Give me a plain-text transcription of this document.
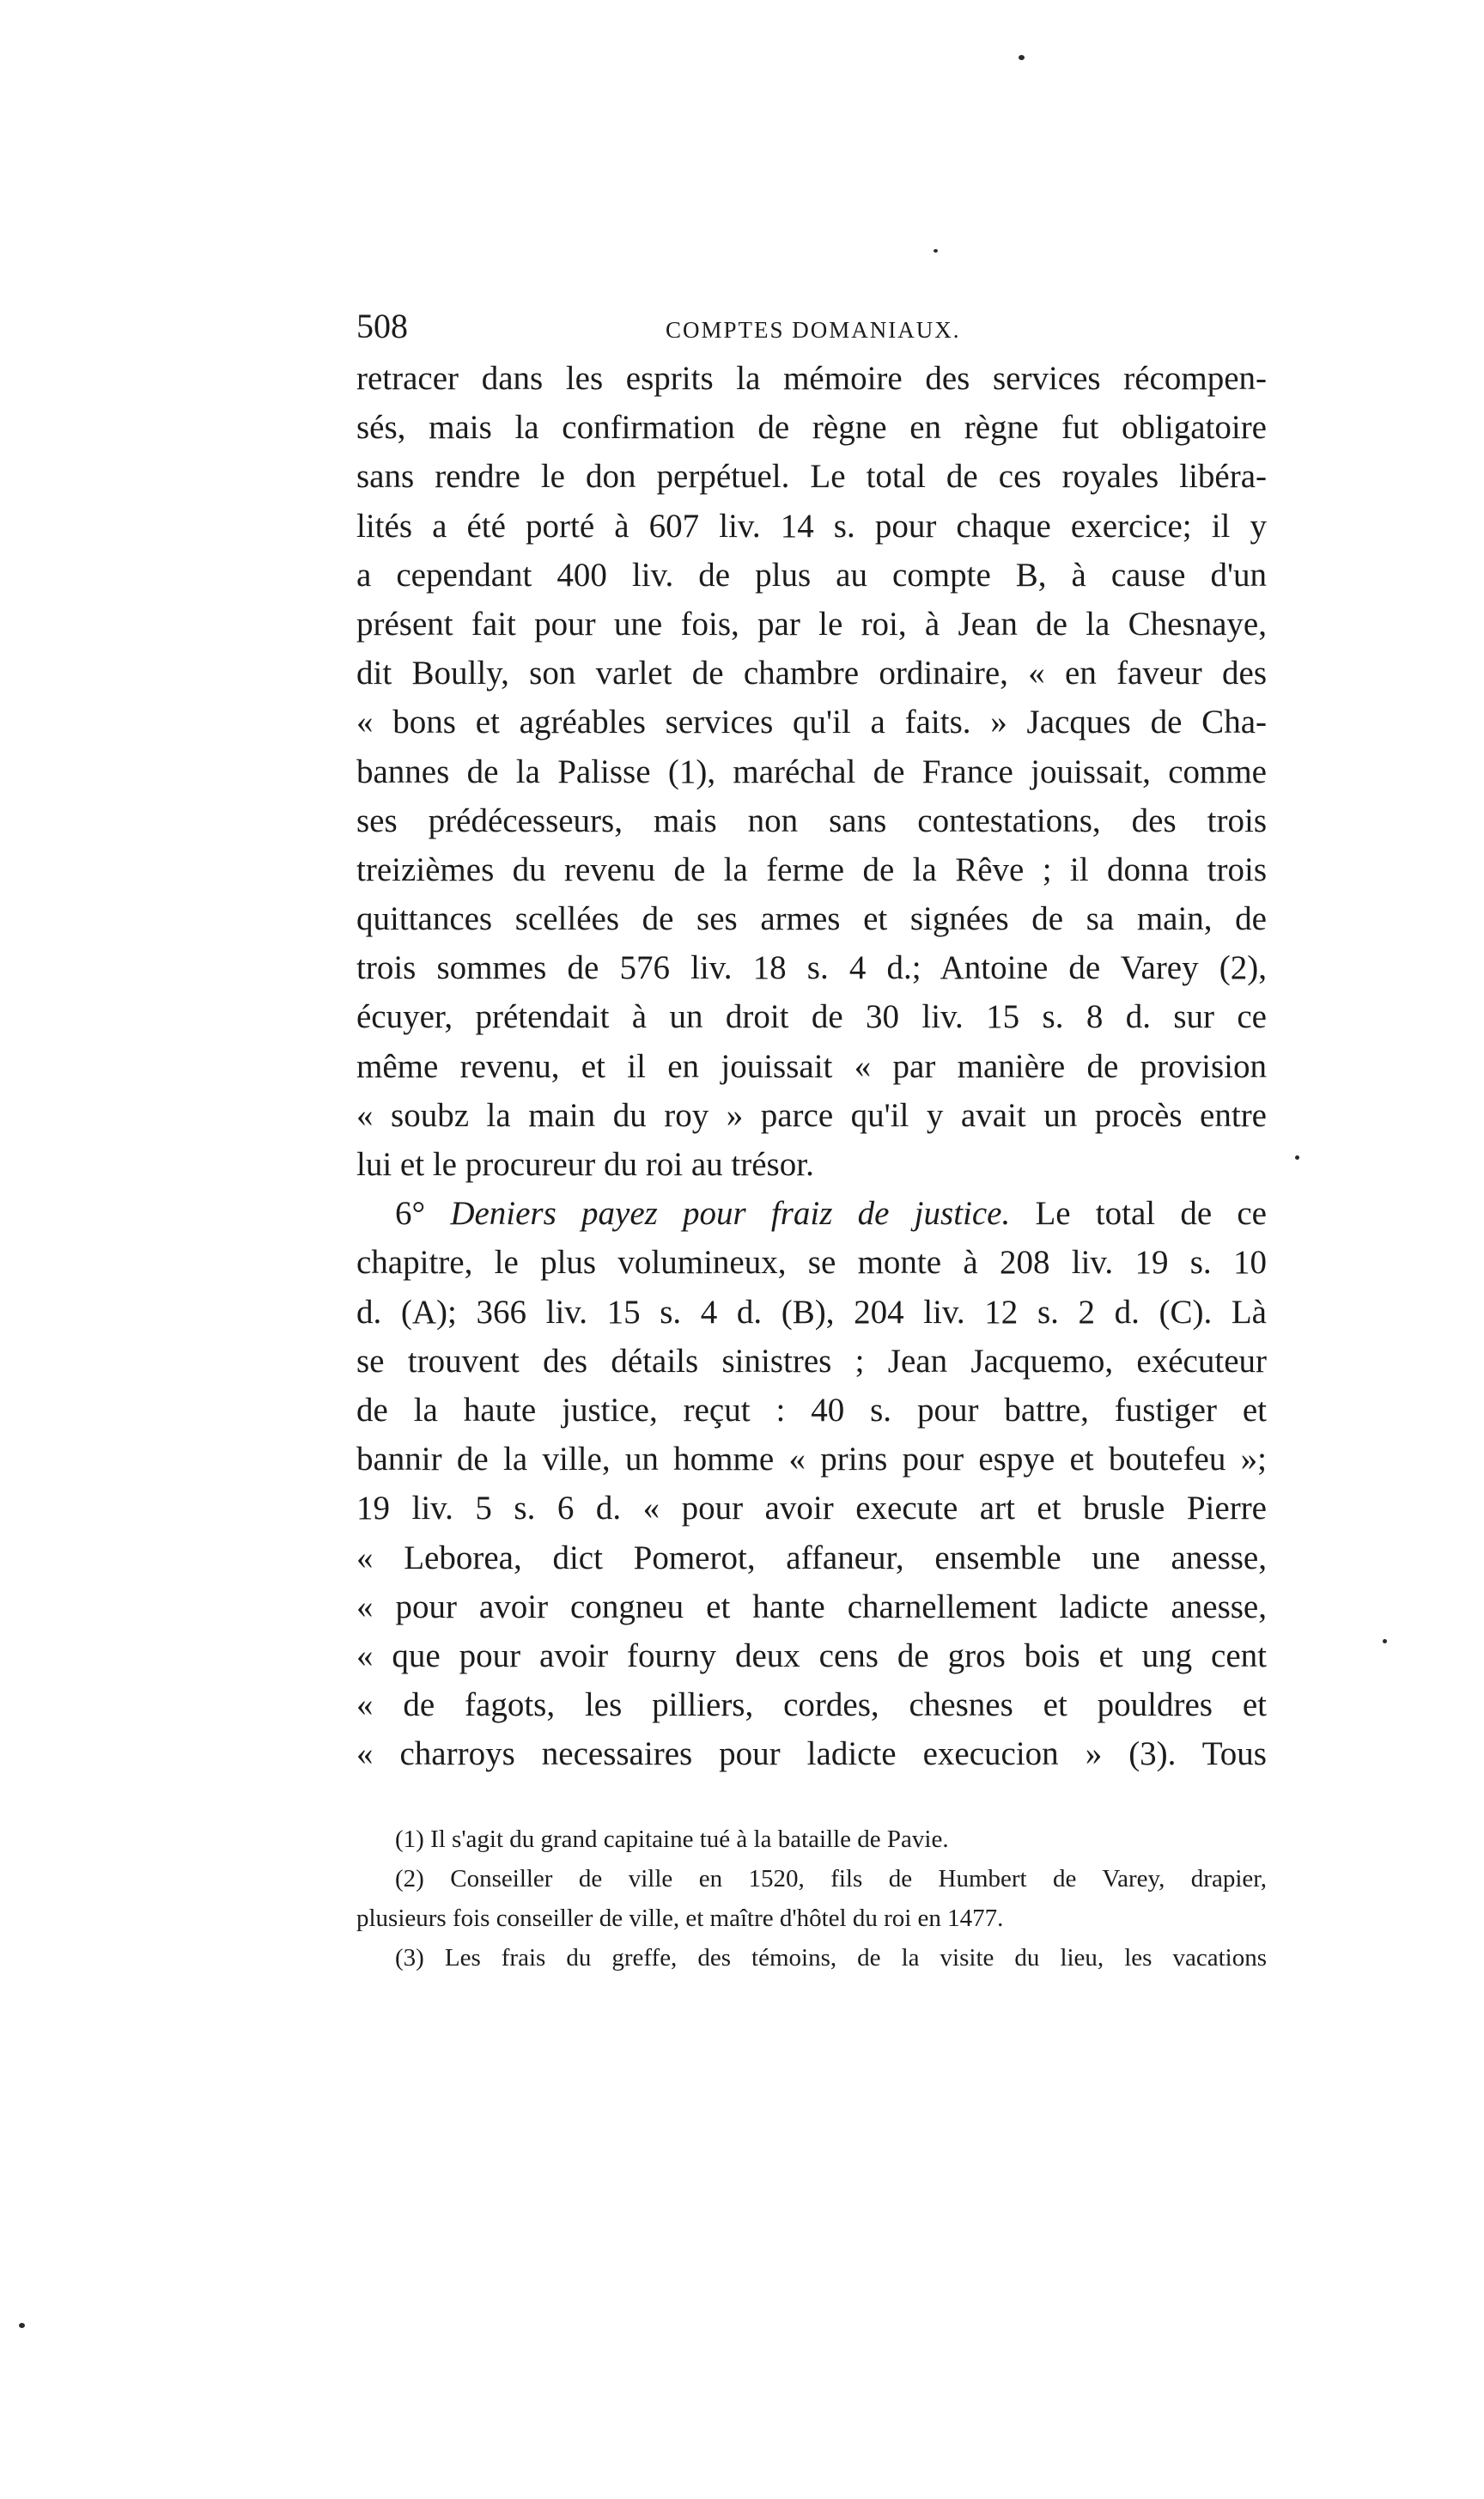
508	COMPTES DOMANIAUX.
retracer dans les esprits la mémoire des services récompen-
sés, mais la confirmation de règne en règne fut obligatoire
sans rendre le don perpétuel. Le total de ces royales libéra-
lités a été porté à 607 liv. 14 s. pour chaque exercice; il y
a cependant 400 liv. de plus au compte B, à cause d'un
présent fait pour une fois, par le roi, à Jean de la Chesnaye,
dit Boully, son varlet de chambre ordinaire, « en faveur des
« bons et agréables services qu'il a faits. » Jacques de Cha-
bannes de la Palisse (1), maréchal de France jouissait, comme
ses prédécesseurs, mais non sans contestations, des trois
treizièmes du revenu de la ferme de la Rêve ; il donna trois
quittances scellées de ses armes et signées de sa main, de
trois sommes de 576 liv. 18 s. 4 d.; Antoine de Varey (2),
écuyer, prétendait à un droit de 30 liv. 15 s. 8 d. sur ce
même revenu, et il en jouissait « par manière de provision
« soubz la main du roy » parce qu'il y avait un procès entre
lui et le procureur du roi au trésor.
6° Deniers payez pour fraiz de justice. Le total de ce
chapitre, le plus volumineux, se monte à 208 liv. 19 s. 10
d. (A); 366 liv. 15 s. 4 d. (B), 204 liv. 12 s. 2 d. (C). Là
se trouvent des détails sinistres ; Jean Jacquemo, exécuteur
de la haute justice, reçut : 40 s. pour battre, fustiger et
bannir de la ville, un homme « prins pour espye et boutefeu »;
19 liv. 5 s. 6 d. « pour avoir execute art et brusle Pierre
« Leborea, dict Pomerot, affaneur, ensemble une anesse,
« pour avoir congneu et hante charnellement ladicte anesse,
« que pour avoir fourny deux cens de gros bois et ung cent
« de fagots, les pilliers, cordes, chesnes et pouldres et
« charroys necessaires pour ladicte execucion » (3). Tous
(1) Il s'agit du grand capitaine tué à la bataille de Pavie.
(2) Conseiller de ville en 1520, fils de Humbert de Varey, drapier,
plusieurs fois conseiller de ville, et maître d'hôtel du roi en 1477.
(3) Les frais du greffe, des témoins, de la visite du lieu, les vacations
